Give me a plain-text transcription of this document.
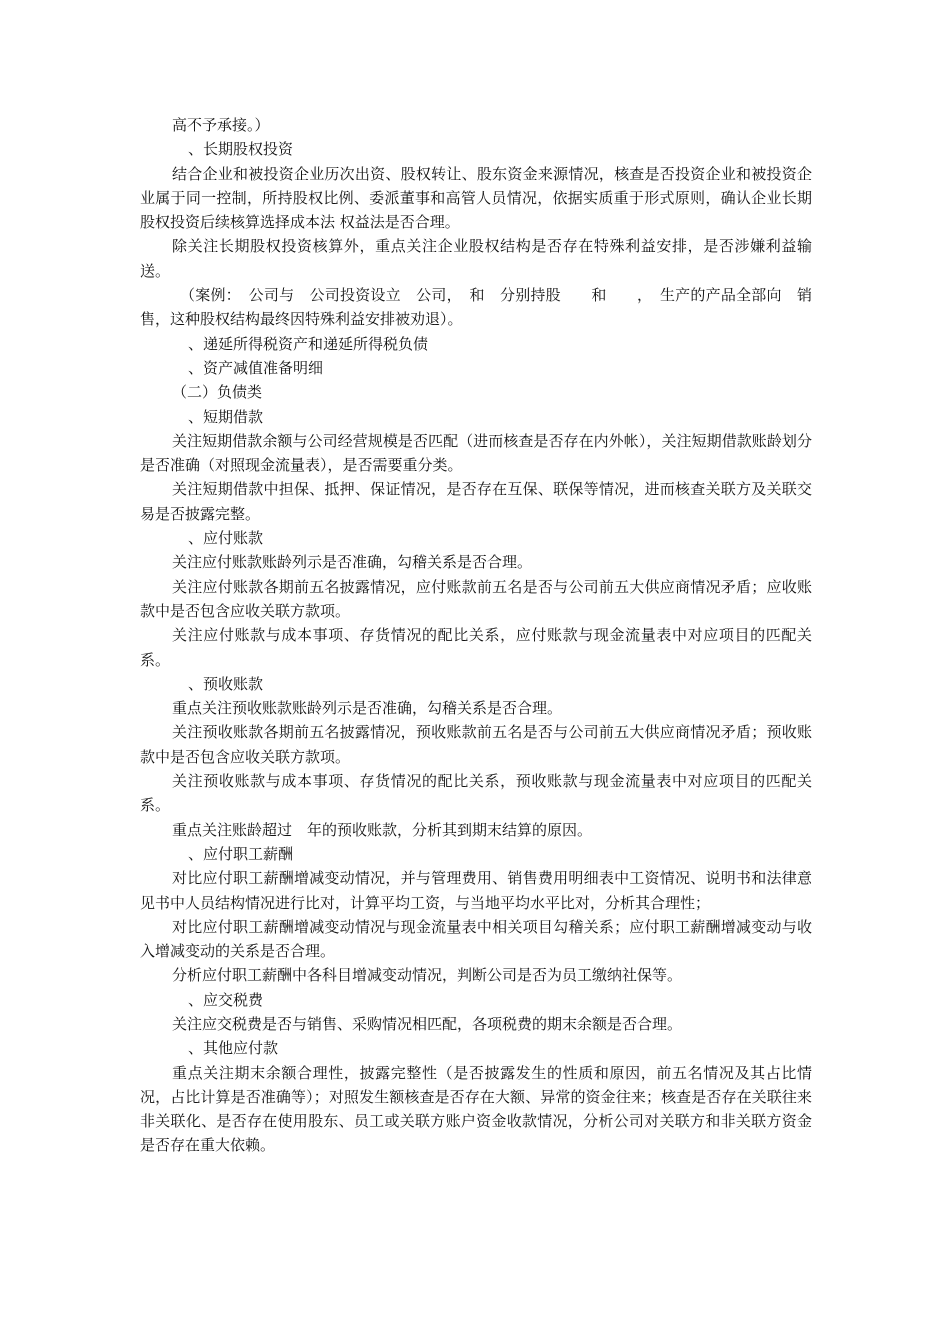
高不予承接。）

、长期股权投资

结合企业和被投资企业历次出资、股权转让、股东资金来源情况，核查是否投资企业和被投资企业属于同一控制，所持股权比例、委派董事和高管人员情况，依据实质重于形式原则，确认企业长期股权投资后续核算选择成本法 权益法是否合理。

除关注长期股权投资核算外，重点关注企业股权结构是否存在特殊利益安排，是否涉嫌利益输送。

（案例：　公司与　公司投资设立　公司，　和　分别持股　　和　　，　生产的产品全部向　销售，这种股权结构最终因特殊利益安排被劝退）。

、递延所得税资产和递延所得税负债

、资产减值准备明细

（二）负债类

、短期借款

关注短期借款余额与公司经营规模是否匹配（进而核查是否存在内外帐），关注短期借款账龄划分是否准确（对照现金流量表），是否需要重分类。

关注短期借款中担保、抵押、保证情况，是否存在互保、联保等情况，进而核查关联方及关联交易是否披露完整。

、应付账款

关注应付账款账龄列示是否准确，勾稽关系是否合理。

关注应付账款各期前五名披露情况，应付账款前五名是否与公司前五大供应商情况矛盾；应收账款中是否包含应收关联方款项。

关注应付账款与成本事项、存货情况的配比关系，应付账款与现金流量表中对应项目的匹配关系。

、预收账款

重点关注预收账款账龄列示是否准确，勾稽关系是否合理。

关注预收账款各期前五名披露情况，预收账款前五名是否与公司前五大供应商情况矛盾；预收账款中是否包含应收关联方款项。

关注预收账款与成本事项、存货情况的配比关系，预收账款与现金流量表中对应项目的匹配关系。

重点关注账龄超过　年的预收账款，分析其到期末结算的原因。

、应付职工薪酬

对比应付职工薪酬增减变动情况，并与管理费用、销售费用明细表中工资情况、说明书和法律意见书中人员结构情况进行比对，计算平均工资，与当地平均水平比对，分析其合理性；

对比应付职工薪酬增减变动情况与现金流量表中相关项目勾稽关系；应付职工薪酬增减变动与收入增减变动的关系是否合理。

分析应付职工薪酬中各科目增减变动情况，判断公司是否为员工缴纳社保等。

、应交税费

关注应交税费是否与销售、采购情况相匹配，各项税费的期末余额是否合理。

、其他应付款

重点关注期末余额合理性，披露完整性（是否披露发生的性质和原因，前五名情况及其占比情况，占比计算是否准确等）；对照发生额核查是否存在大额、异常的资金往来；核查是否存在关联往来非关联化、是否存在使用股东、员工或关联方账户资金收款情况，分析公司对关联方和非关联方资金是否存在重大依赖。
